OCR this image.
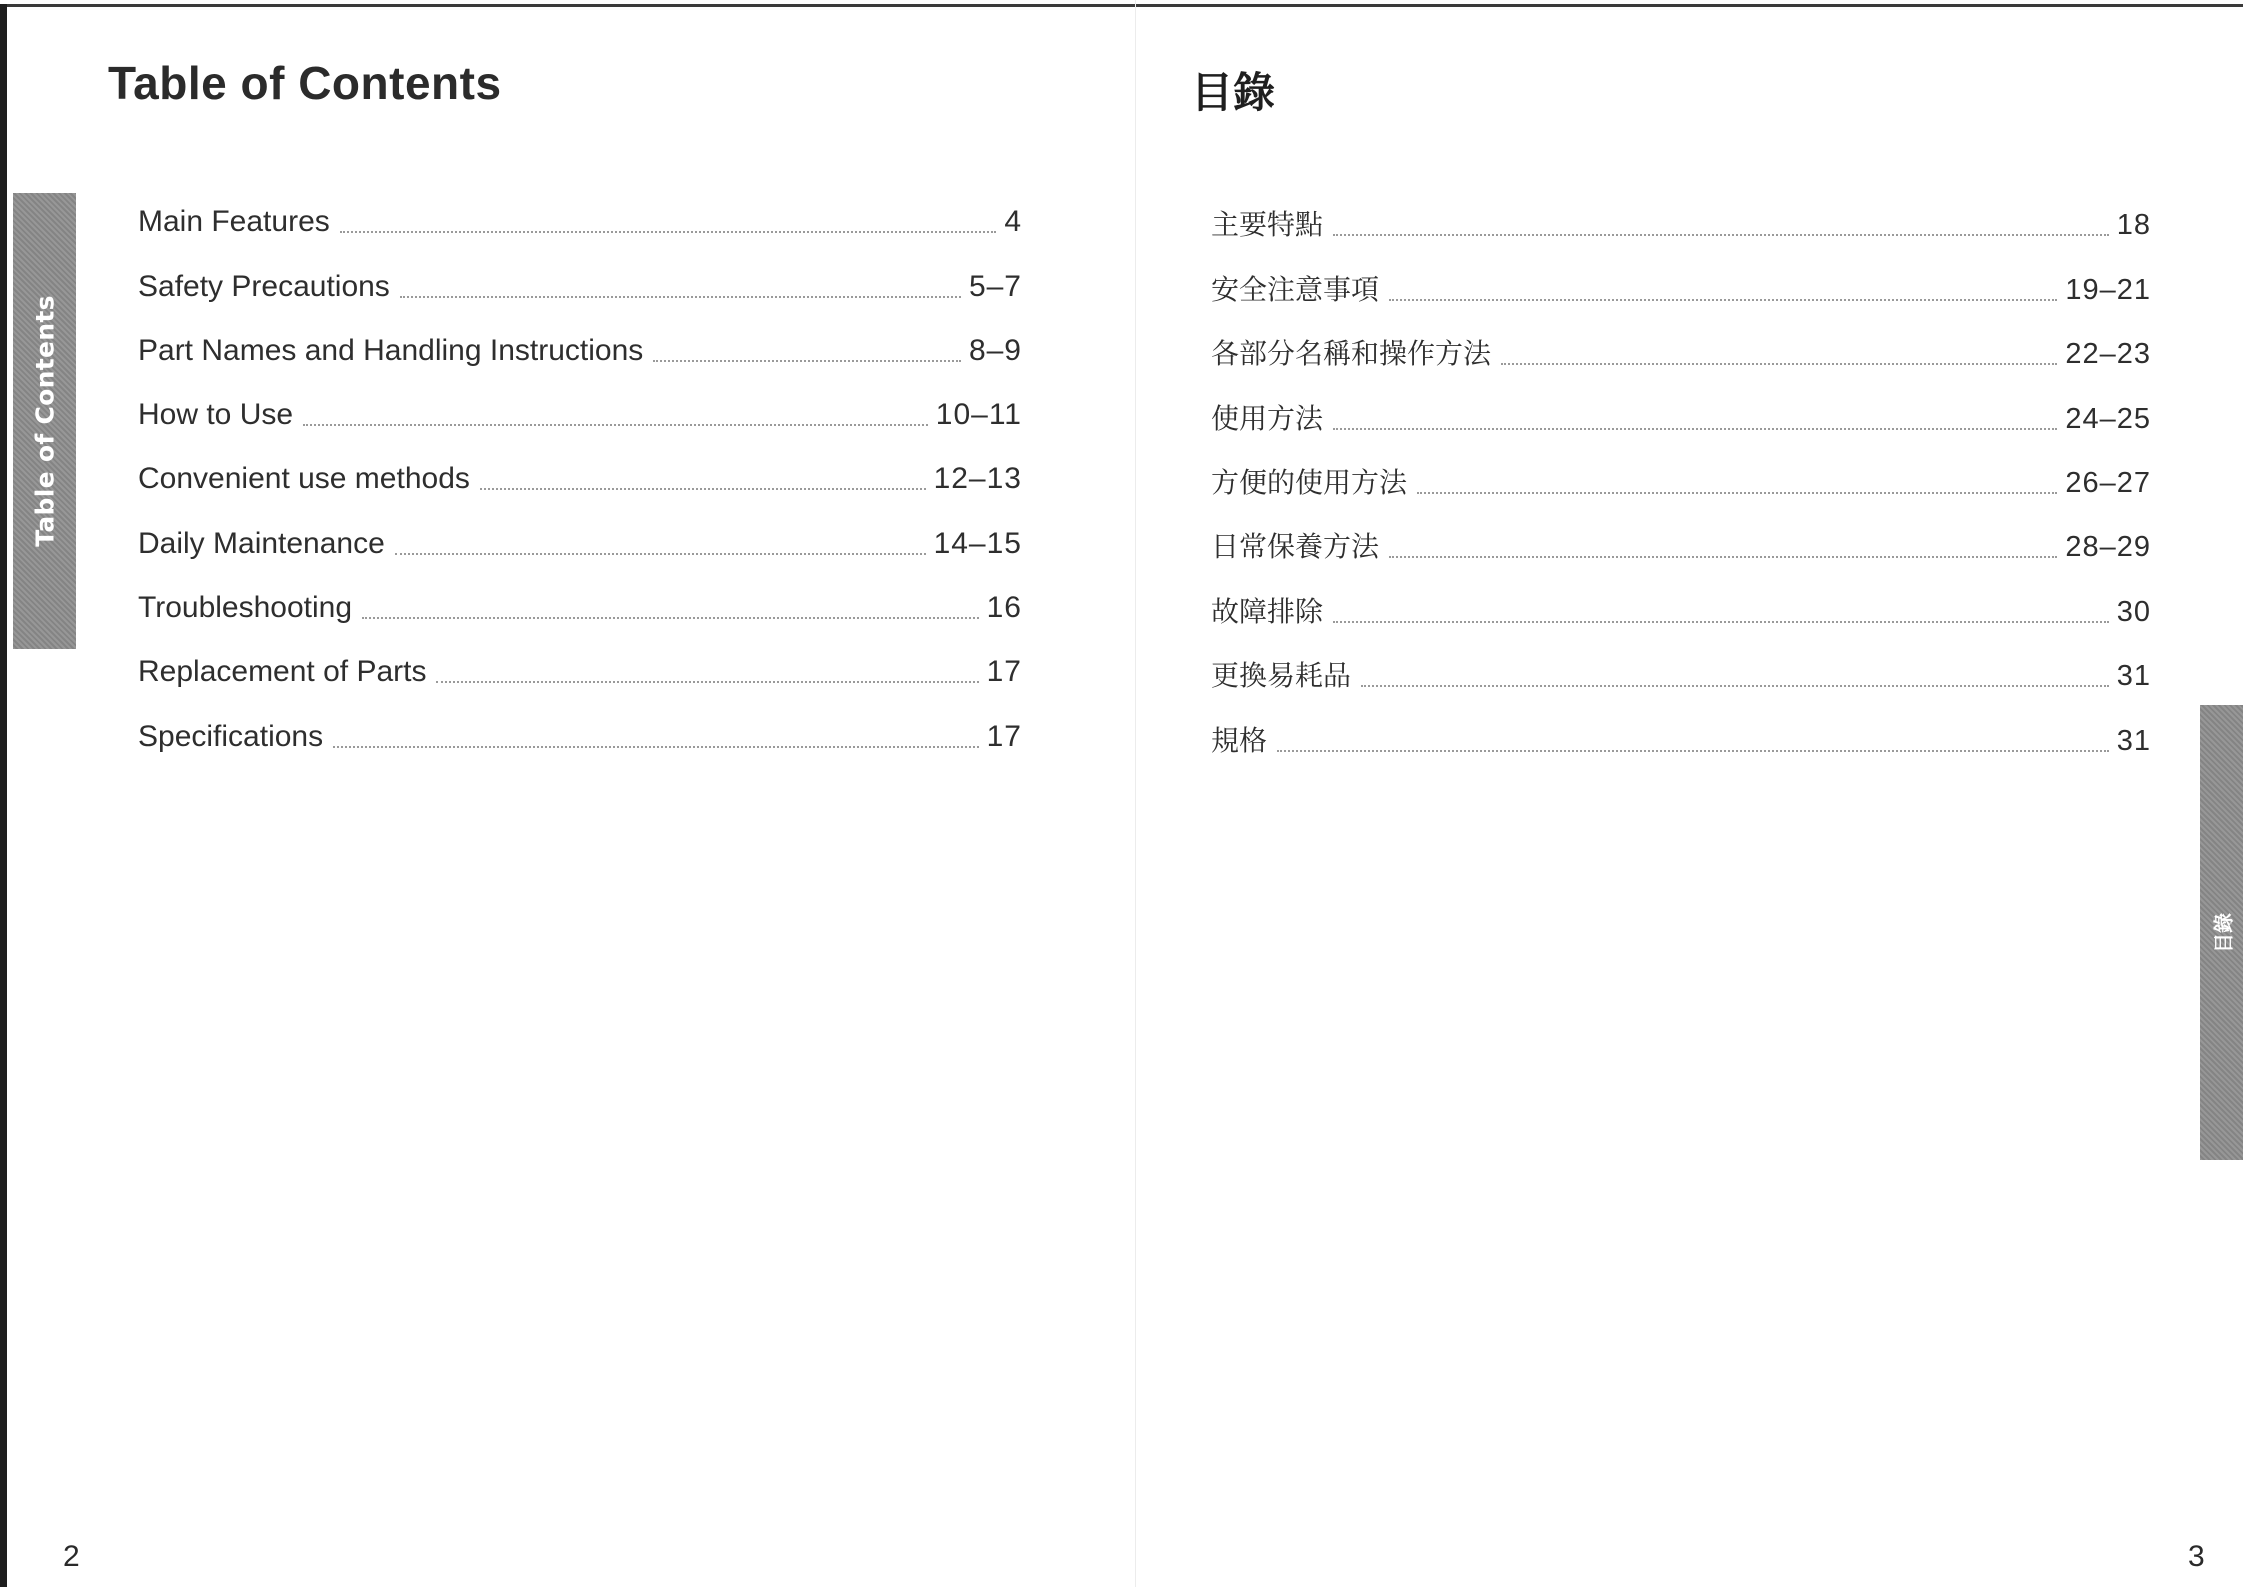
Table of Contents
Main Features	4
Safety Precautions	5–7
Part Names and Handling Instructions	8–9
How to Use	10–11
Convenient use methods	12–13
Daily Maintenance	14–15
Troubleshooting	16
Replacement of Parts	17
Specifications	17
2
Table of Contents
目錄
主要特點	18
安全注意事項	19–21
各部分名稱和操作方法	22–23
使用方法	24–25
方便的使用方法	26–27
日常保養方法	28–29
故障排除	30
更換易耗品	31
規格	31
3
目錄
